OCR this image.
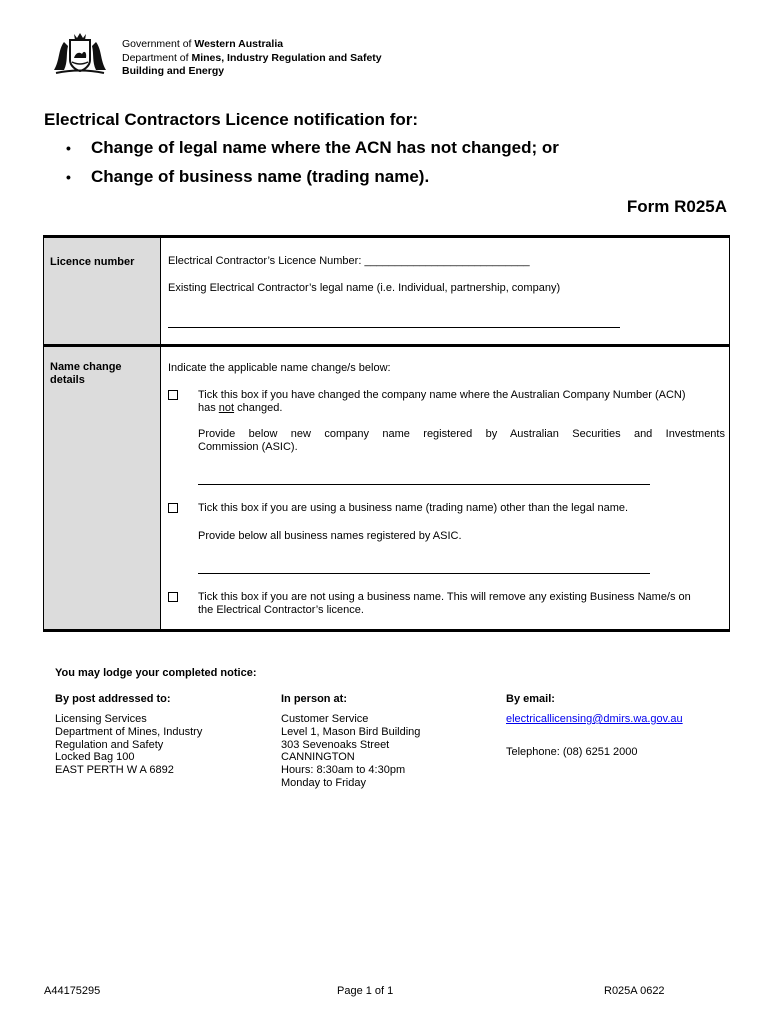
Government of Western Australia
Department of Mines, Industry Regulation and Safety
Building and Energy
Electrical Contractors Licence notification for:
• Change of legal name where the ACN has not changed; or
• Change of business name (trading name).
Form R025A
Licence number
Name change
details
Electrical Contractor’s Licence Number: ___________________________
Existing Electrical Contractor’s legal name (i.e. Individual, partnership, company)
Indicate the applicable name change/s below:
Tick this box if you have changed the company name where the Australian Company Number (ACN)
has not changed.
Provide below new company name registered by Australian Securities and Investments
Commission (ASIC).
Tick this box if you are using a business name (trading name) other than the legal name.
Provide below all business names registered by ASIC.
Tick this box if you are not using a business name. This will remove any existing Business Name/s on
the Electrical Contractor’s licence.
You may lodge your completed notice:
By post addressed to:
Licensing Services
Department of Mines, Industry
Regulation and Safety
Locked Bag 100
EAST PERTH W A 6892
In person at:
Customer Service
Level 1, Mason Bird Building
303 Sevenoaks Street
CANNINGTON
Hours: 8:30am to 4:30pm
Monday to Friday
By email:
electricallicensing@dmirs.wa.gov.au
Telephone: (08) 6251 2000
A44175295	Page 1 of 1	R025A 0622
